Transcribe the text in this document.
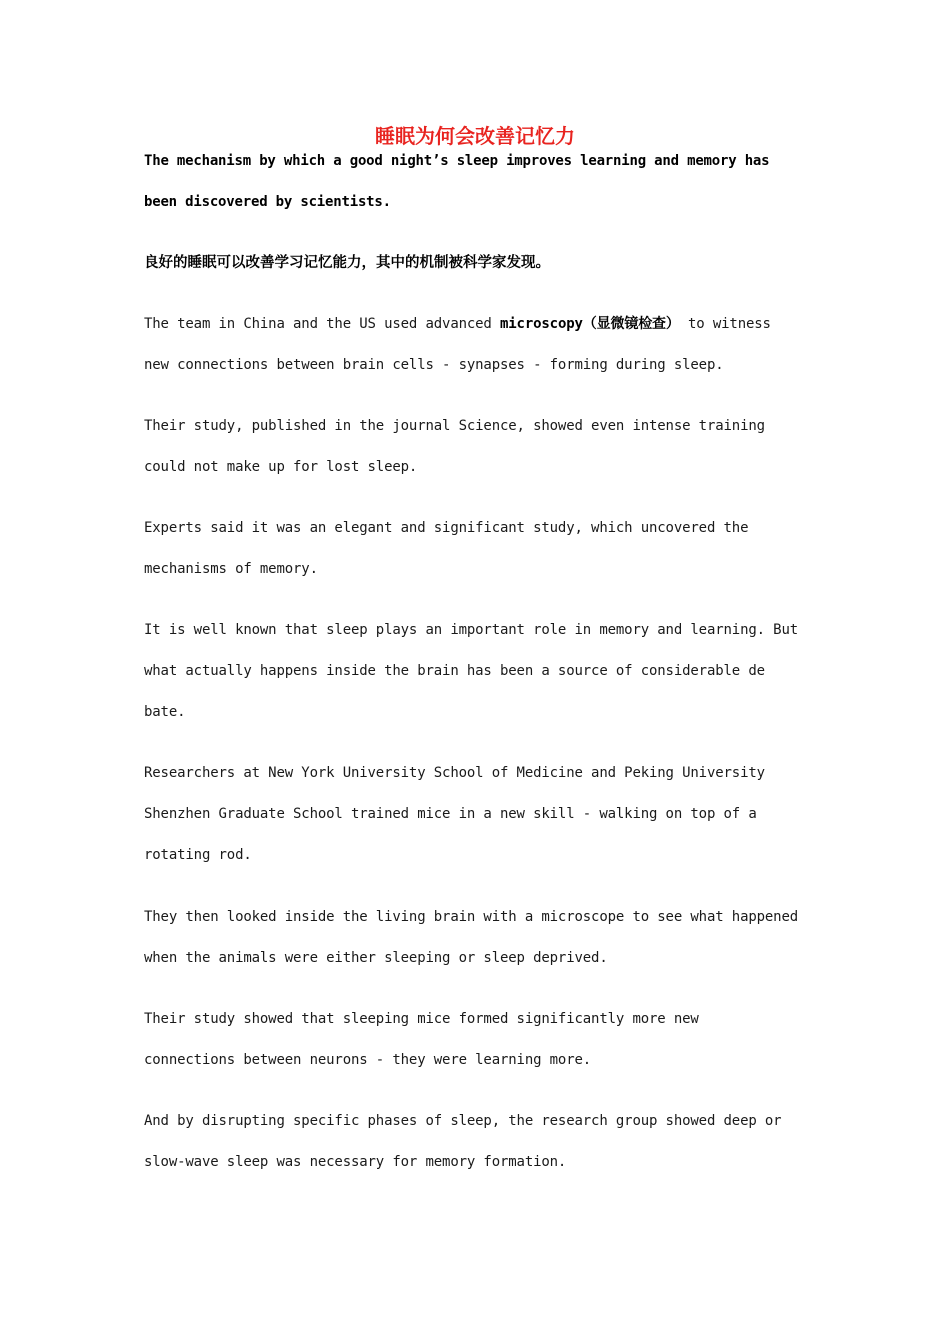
睡眠为何会改善记忆力
The mechanism by which a good night’s sleep improves learning and memory has
been discovered by scientists.
良好的睡眠可以改善学习记忆能力，其中的机制被科学家发现。
The team in China and the US used advanced microscopy（显微镜检查） to witness
new connections between brain cells - synapses - forming during sleep.
Their study, published in the journal Science, showed even intense training
could not make up for lost sleep.
Experts said it was an elegant and significant study, which uncovered the
mechanisms of memory.
It is well known that sleep plays an important role in memory and learning. But
what actually happens inside the brain has been a source of considerable de
bate.
Researchers at New York University School of Medicine and Peking University
Shenzhen Graduate School trained mice in a new skill - walking on top of a
rotating rod.
They then looked inside the living brain with a microscope to see what happened
when the animals were either sleeping or sleep deprived.
Their study showed that sleeping mice formed significantly more new
connections between neurons - they were learning more.
And by disrupting specific phases of sleep, the research group showed deep or
slow-wave sleep was necessary for memory formation.
